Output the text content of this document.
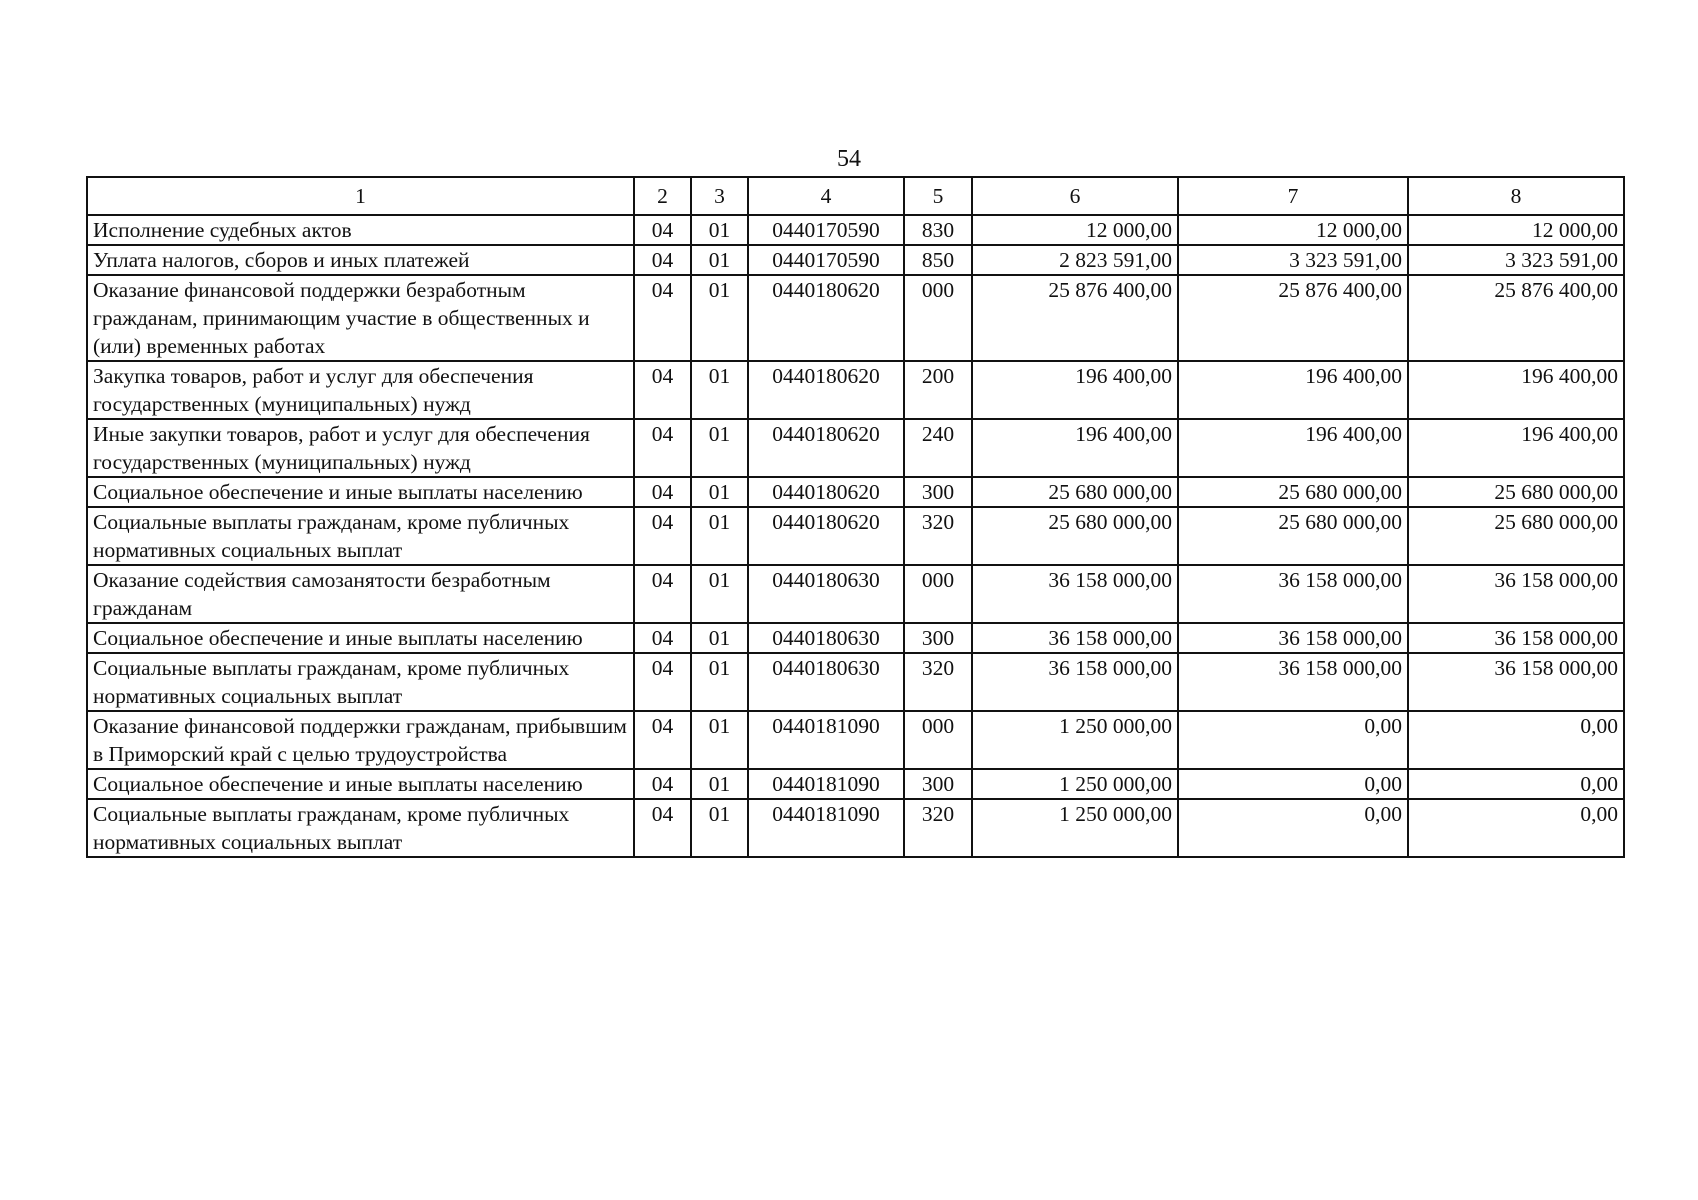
54
1	2	3	4	5	6	7	8
Исполнение судебных актов	04	01	0440170590	830	12 000,00	12 000,00	12 000,00
Уплата налогов, сборов и иных платежей	04	01	0440170590	850	2 823 591,00	3 323 591,00	3 323 591,00
Оказание финансовой поддержки безработным гражданам, принимающим участие в общественных и (или) временных работах	04	01	0440180620	000	25 876 400,00	25 876 400,00	25 876 400,00
Закупка товаров, работ и услуг для обеспечения государственных (муниципальных) нужд	04	01	0440180620	200	196 400,00	196 400,00	196 400,00
Иные закупки товаров, работ и услуг для обеспечения государственных (муниципальных) нужд	04	01	0440180620	240	196 400,00	196 400,00	196 400,00
Социальное обеспечение и иные выплаты населению	04	01	0440180620	300	25 680 000,00	25 680 000,00	25 680 000,00
Социальные выплаты гражданам, кроме публичных нормативных социальных выплат	04	01	0440180620	320	25 680 000,00	25 680 000,00	25 680 000,00
Оказание содействия самозанятости безработным гражданам	04	01	0440180630	000	36 158 000,00	36 158 000,00	36 158 000,00
Социальное обеспечение и иные выплаты населению	04	01	0440180630	300	36 158 000,00	36 158 000,00	36 158 000,00
Социальные выплаты гражданам, кроме публичных нормативных социальных выплат	04	01	0440180630	320	36 158 000,00	36 158 000,00	36 158 000,00
Оказание финансовой поддержки гражданам, прибывшим в Приморский край с целью трудоустройства	04	01	0440181090	000	1 250 000,00	0,00	0,00
Социальное обеспечение и иные выплаты населению	04	01	0440181090	300	1 250 000,00	0,00	0,00
Социальные выплаты гражданам, кроме публичных нормативных социальных выплат	04	01	0440181090	320	1 250 000,00	0,00	0,00
